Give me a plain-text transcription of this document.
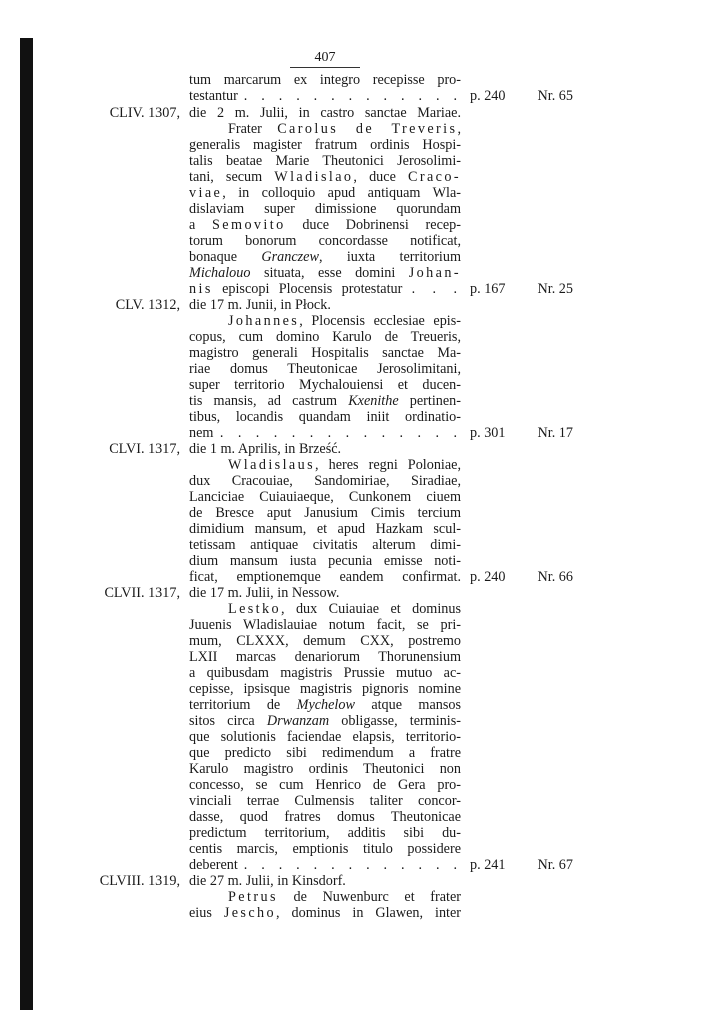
407
tum marcarum ex integro recepisse pro-
testantur . . . . . . . . . . . . . p. 240 Nr. 65
CLIV. 1307, die 2 m. Julii, in castro sanctae Mariae.
Frater Carolus de Treveris,
generalis magister fratrum ordinis Hospi-
talis beatae Marie Theutonici Jerosolimi-
tani, secum Wladislao, duce Craco-
viae, in colloquio apud antiquam Wla-
dislaviam super dimissione quorundam
a Semovito duce Dobrinensi recep-
torum bonorum concordasse notificat,
bonaque Granczew, iuxta territorium
Michalouo situata, esse domini Johan-
nis episcopi Plocensis protestatur . . . p. 167 Nr. 25
CLV. 1312, die 17 m. Junii, in Płock.
Johannes, Plocensis ecclesiae epis-
copus, cum domino Karulo de Treueris,
magistro generali Hospitalis sanctae Ma-
riae domus Theutonicae Jerosolimitani,
super territorio Mychalouiensi et ducen-
tis mansis, ad castrum Kxenithe pertinen-
tibus, locandis quandam iniit ordinatio-
nem . . . . . . . . . . . . . . p. 301 Nr. 17
CLVI. 1317, die 1 m. Aprilis, in Brześć.
Wladislaus, heres regni Poloniae,
dux Cracouiae, Sandomiriae, Siradiae,
Lanciciae Cuiauiaeque, Cunkonem ciuem
de Bresce aput Janusium Cimis tercium
dimidium mansum, et apud Hazkam scul-
tetissam antiquae civitatis alterum dimi-
dium mansum iusta pecunia emisse noti-
ficat, emptionemque eandem confirmat. p. 240 Nr. 66
CLVII. 1317, die 17 m. Julii, in Nessow.
Lestko, dux Cuiauiae et dominus
Juuenis Wladislauiae notum facit, se pri-
mum, CLXXX, demum CXX, postremo
LXII marcas denariorum Thorunensium
a quibusdam magistris Prussie mutuo ac-
cepisse, ipsisque magistris pignoris nomine
territorium de Mychelow atque mansos
sitos circa Drwanzam obligasse, terminis-
que solutionis faciendae elapsis, territorio-
que predicto sibi redimendum a fratre
Karulo magistro ordinis Theutonici non
concesso, se cum Henrico de Gera pro-
vinciali terrae Culmensis taliter concor-
dasse, quod fratres domus Theutonicae
predictum territorium, additis sibi du-
centis marcis, emptionis titulo possidere
deberent . . . . . . . . . . . . . p. 241 Nr. 67
CLVIII. 1319, die 27 m. Julii, in Kinsdorf.
Petrus de Nuwenburc et frater
eius Jescho, dominus in Glawen, inter
